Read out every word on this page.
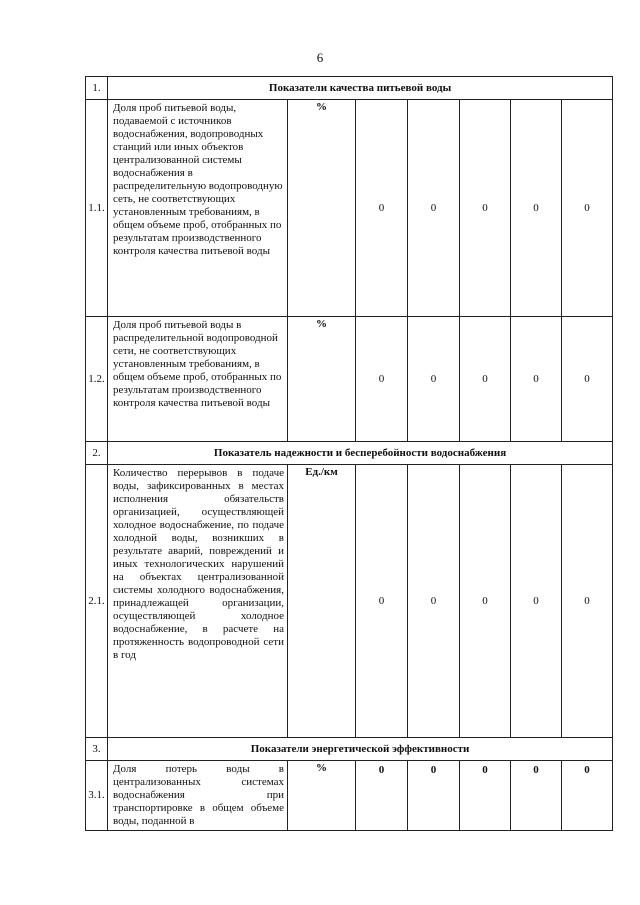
6
1.	Показатели качества питьевой воды						
1.1.	Доля проб питьевой воды, подаваемой с источников водоснабжения, водопроводных станций или иных объектов централизованной системы водоснабжения в распределительную водопроводную сеть, не соответствующих установленным требованиям, в общем объеме проб, отобранных по результатам производственного контроля качества питьевой воды	%	0	0	0	0	0
1.2.	Доля проб питьевой воды в распределительной водопроводной сети, не соответствующих установленным требованиям, в общем объеме проб, отобранных по результатам производственного контроля качества питьевой воды	%	0	0	0	0	0
2.	Показатель надежности и бесперебойности водоснабжения						
2.1.	Количество перерывов в подаче воды, зафиксированных в местах исполнения обязательств организацией, осуществляющей холодное водоснабжение, по подаче холодной воды, возникших в результате аварий, повреждений и иных технологических нарушений на объектах централизованной системы холодного водоснабжения, принадлежащей организации, осуществляющей холодное водоснабжение, в расчете на протяженность водопроводной сети в год	Ед./км	0	0	0	0	0
3.	Показатели энергетической эффективности						
3.1.	Доля потерь воды в централизованных системах водоснабжения при транспортировке в общем объеме воды, поданной в	%	0	0	0	0	0
